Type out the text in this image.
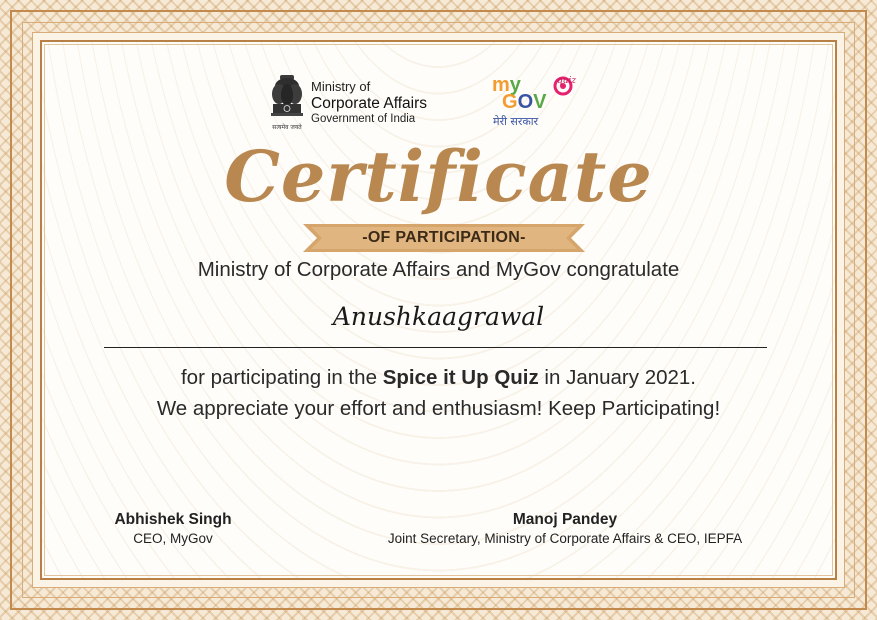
सत्यमेव जयते
Ministry of
Corporate Affairs
Government of India
my
GOV
quiz
मेरी सरकार
Certificate
-OF PARTICIPATION-
Ministry of Corporate Affairs and MyGov congratulate
Anushkaagrawal
for participating in the Spice it Up Quiz in January 2021.
We appreciate your effort and enthusiasm! Keep Participating!
Abhishek Singh
CEO, MyGov
Manoj Pandey
Joint Secretary, Ministry of Corporate Affairs & CEO, IEPFA
